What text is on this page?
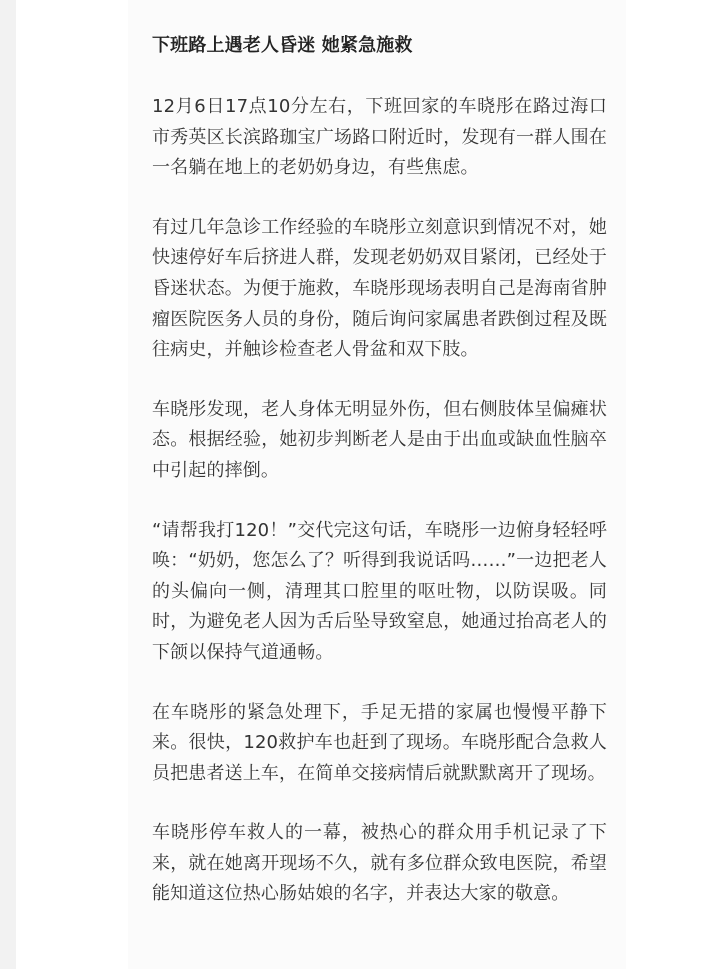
下班路上遇老人昏迷 她紧急施救

12月6日17点10分左右，下班回家的车晓彤在路过海口市秀英区长滨路珈宝广场路口附近时，发现有一群人围在一名躺在地上的老奶奶身边，有些焦虑。

有过几年急诊工作经验的车晓彤立刻意识到情况不对，她快速停好车后挤进人群，发现老奶奶双目紧闭，已经处于昏迷状态。为便于施救，车晓彤现场表明自己是海南省肿瘤医院医务人员的身份，随后询问家属患者跌倒过程及既往病史，并触诊检查老人骨盆和双下肢。

车晓彤发现，老人身体无明显外伤，但右侧肢体呈偏瘫状态。根据经验，她初步判断老人是由于出血或缺血性脑卒中引起的摔倒。

“请帮我打120！”交代完这句话，车晓彤一边俯身轻轻呼唤：“奶奶，您怎么了？听得到我说话吗……”一边把老人的头偏向一侧，清理其口腔里的呕吐物，以防误吸。同时，为避免老人因为舌后坠导致窒息，她通过抬高老人的下颌以保持气道通畅。

在车晓彤的紧急处理下，手足无措的家属也慢慢平静下来。很快，120救护车也赶到了现场。车晓彤配合急救人员把患者送上车，在简单交接病情后就默默离开了现场。

车晓彤停车救人的一幕，被热心的群众用手机记录了下来，就在她离开现场不久，就有多位群众致电医院，希望能知道这位热心肠姑娘的名字，并表达大家的敬意。
